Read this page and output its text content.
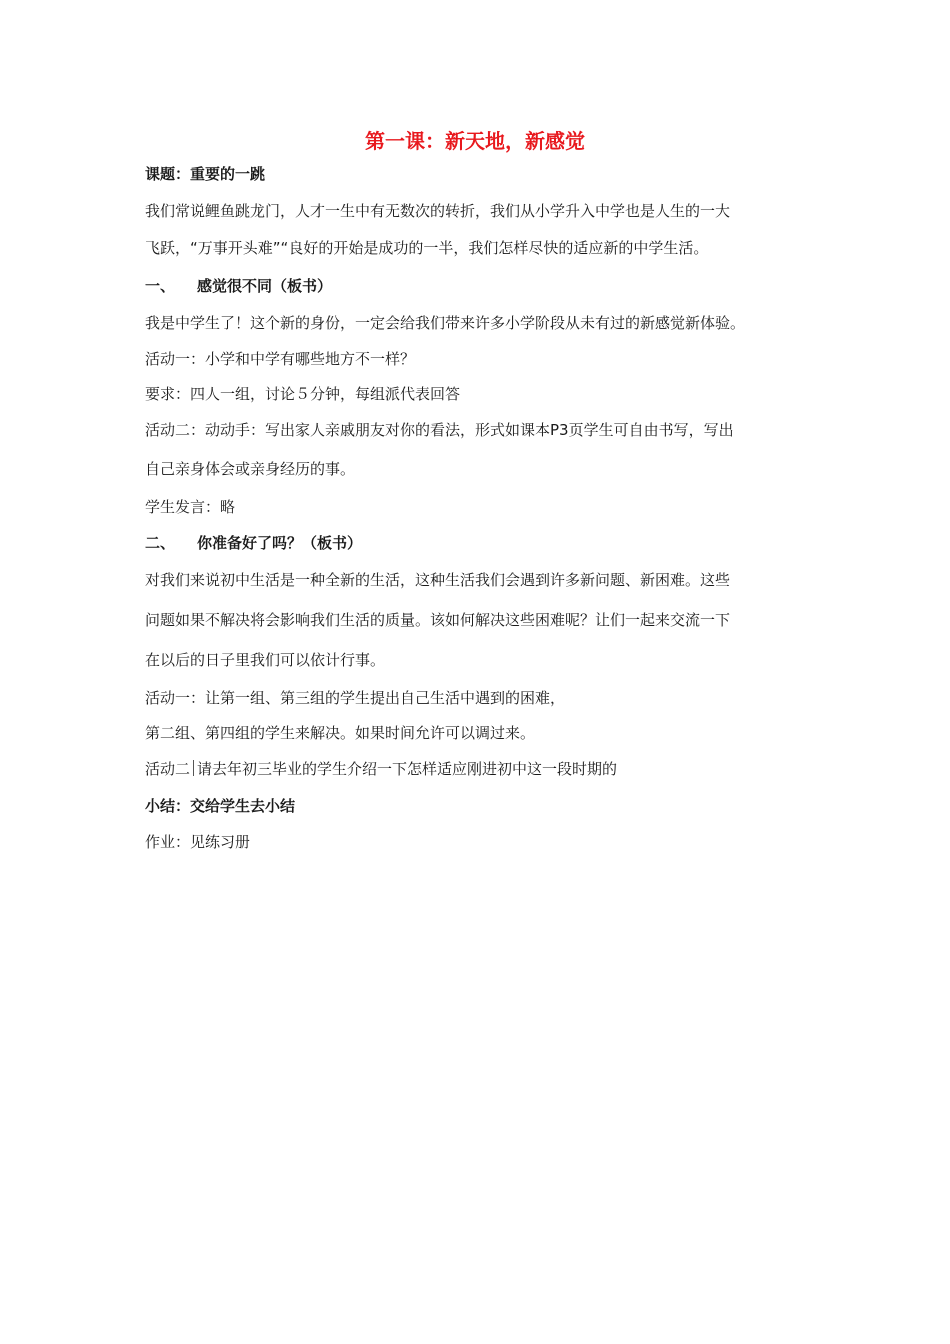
第一课：新天地，新感觉
课题：重要的一跳
我们常说鲤鱼跳龙门，人才一生中有无数次的转折，我们从小学升入中学也是人生的一大
飞跃，“万事开头难”“良好的开始是成功的一半，我们怎样尽快的适应新的中学生活。
一、 感觉很不同（板书）
我是中学生了！这个新的身份，一定会给我们带来许多小学阶段从未有过的新感觉新体验。
活动一：小学和中学有哪些地方不一样？
要求：四人一组，讨论５分钟，每组派代表回答
活动二：动动手：写出家人亲戚朋友对你的看法，形式如课本P3页学生可自由书写，写出
自己亲身体会或亲身经历的事。
学生发言：略
二、 你准备好了吗？（板书）
对我们来说初中生活是一种全新的生活，这种生活我们会遇到许多新问题、新困难。这些
问题如果不解决将会影响我们生活的质量。该如何解决这些困难呢？让们一起来交流一下
在以后的日子里我们可以依计行事。
活动一：让第一组、第三组的学生提出自己生活中遇到的困难，
第二组、第四组的学生来解决。如果时间允许可以调过来。
活动二 请去年初三毕业的学生介绍一下怎样适应刚进初中这一段时期的
小结：交给学生去小结
作业：见练习册
